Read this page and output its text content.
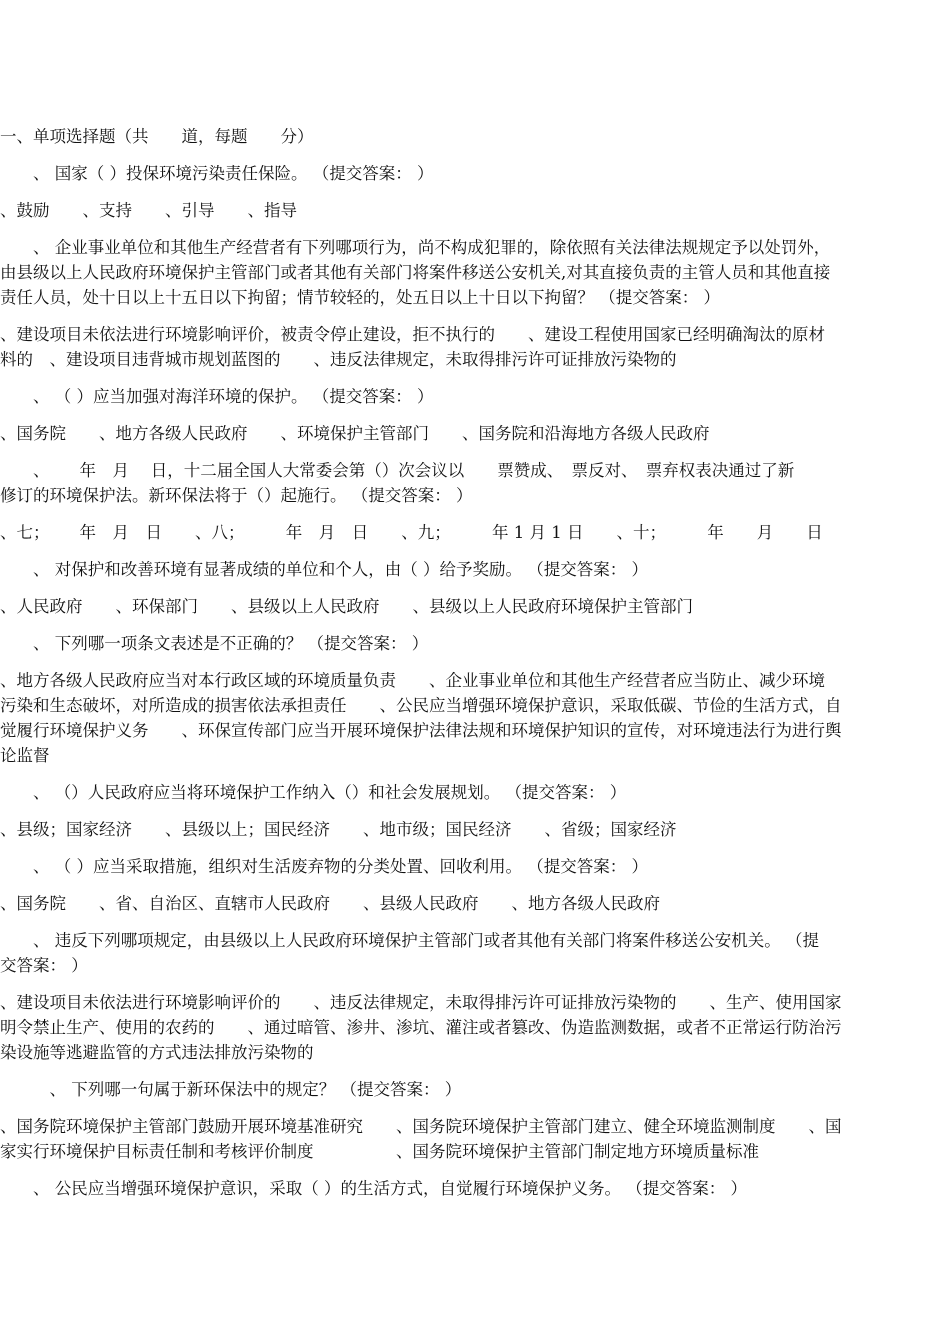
一、单项选择题（共　　道，每题　　分）
　　、 国家（ ）投保环境污染责任保险。 （提交答案： ）
、鼓励　　、支持　　、引导　　、指导
　　、 企业事业单位和其他生产经营者有下列哪项行为，尚不构成犯罪的，除依照有关法律法规规定予以处罚外，
由县级以上人民政府环境保护主管部门或者其他有关部门将案件移送公安机关,对其直接负责的主管人员和其他直接
责任人员，处十日以上十五日以下拘留；情节较轻的，处五日以上十日以下拘留？ （提交答案： ）
、建设项目未依法进行环境影响评价，被责令停止建设，拒不执行的　　、建设工程使用国家已经明确淘汰的原材
料的　、建设项目违背城市规划蓝图的　　、违反法律规定，未取得排污许可证排放污染物的
　　、 （ ）应当加强对海洋环境的保护。 （提交答案： ）
、国务院　　、地方各级人民政府　　、环境保护主管部门　　、国务院和沿海地方各级人民政府
　　、　　 年　月　 日，十二届全国人大常委会第（）次会议以　　票赞成、　票反对、　票弃权表决通过了新
修订的环境保护法。新环保法将于（）起施行。 （提交答案： ）
、七；　　 年　月　日　　、八；　　　年　月　日　　、九；　　　年 1 月 1 日　　、十；　　　年　　月　　日
　　、 对保护和改善环境有显著成绩的单位和个人，由（ ）给予奖励。 （提交答案： ）
、人民政府　　、环保部门　　、县级以上人民政府　　、县级以上人民政府环境保护主管部门
　　、 下列哪一项条文表述是不正确的？ （提交答案： ）
、地方各级人民政府应当对本行政区域的环境质量负责　　、企业事业单位和其他生产经营者应当防止、减少环境
污染和生态破坏，对所造成的损害依法承担责任　　、公民应当增强环境保护意识，采取低碳、节俭的生活方式，自
觉履行环境保护义务　　、环保宣传部门应当开展环境保护法律法规和环境保护知识的宣传，对环境违法行为进行舆
论监督
　　、 （）人民政府应当将环境保护工作纳入（）和社会发展规划。 （提交答案： ）
、县级；国家经济　　、县级以上；国民经济　　、地市级；国民经济　　、省级；国家经济
　　、 （ ）应当采取措施，组织对生活废弃物的分类处置、回收利用。 （提交答案： ）
、国务院　　、省、自治区、直辖市人民政府　　、县级人民政府　　、地方各级人民政府
　　、 违反下列哪项规定，由县级以上人民政府环境保护主管部门或者其他有关部门将案件移送公安机关。 （提
交答案： ）
、建设项目未依法进行环境影响评价的　　、违反法律规定，未取得排污许可证排放污染物的　　、生产、使用国家
明令禁止生产、使用的农药的　　、通过暗管、渗井、渗坑、灌注或者篡改、伪造监测数据，或者不正常运行防治污
染设施等逃避监管的方式违法排放污染物的
　　　、 下列哪一句属于新环保法中的规定？ （提交答案： ）
、国务院环境保护主管部门鼓励开展环境基准研究　　、国务院环境保护主管部门建立、健全环境监测制度　　、国
家实行环境保护目标责任制和考核评价制度　　　　　、国务院环境保护主管部门制定地方环境质量标准
　　、 公民应当增强环境保护意识，采取（ ）的生活方式，自觉履行环境保护义务。 （提交答案： ）
